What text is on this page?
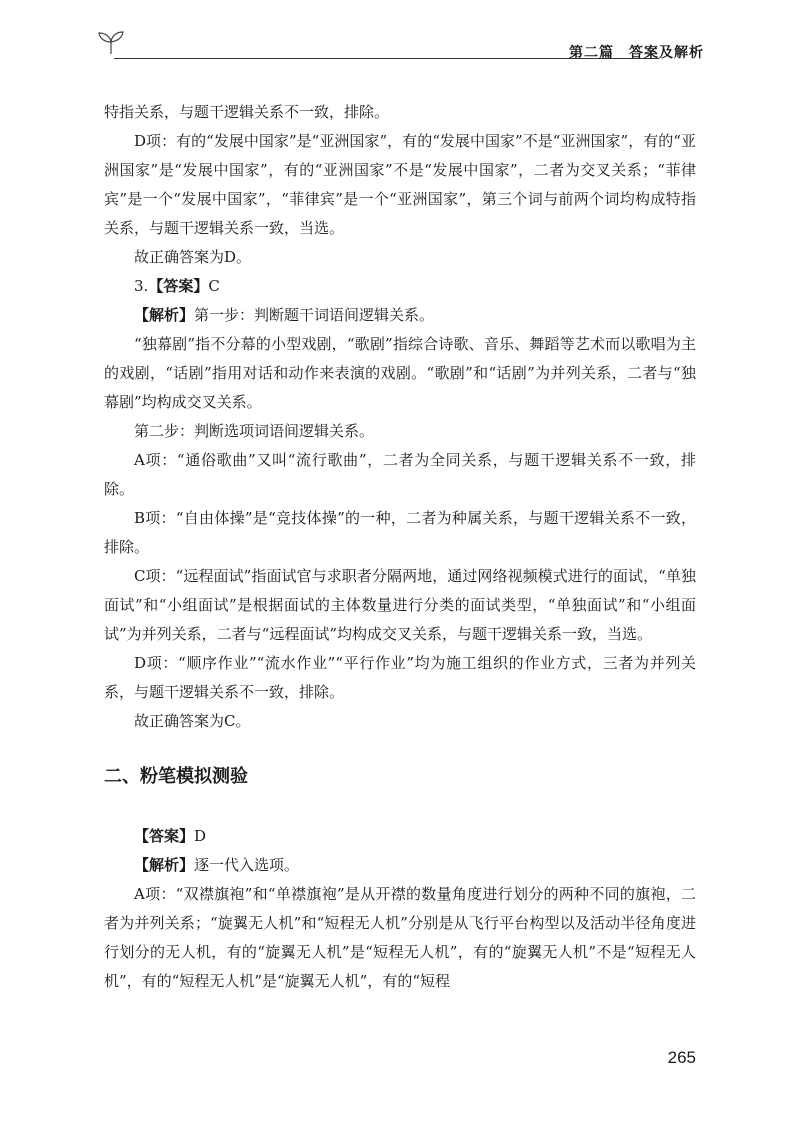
第二篇　答案及解析

特指关系，与题干逻辑关系不一致，排除。

D项：有的“发展中国家”是“亚洲国家”，有的“发展中国家”不是“亚洲国家”，有的“亚洲国家”是“发展中国家”，有的“亚洲国家”不是“发展中国家”，二者为交叉关系；“菲律宾”是一个“发展中国家”，“菲律宾”是一个“亚洲国家”，第三个词与前两个词均构成特指关系，与题干逻辑关系一致，当选。

故正确答案为D。

3.【答案】C

【解析】第一步：判断题干词语间逻辑关系。

“独幕剧”指不分幕的小型戏剧，“歌剧”指综合诗歌、音乐、舞蹈等艺术而以歌唱为主的戏剧，“话剧”指用对话和动作来表演的戏剧。“歌剧”和“话剧”为并列关系，二者与“独幕剧”均构成交叉关系。

第二步：判断选项词语间逻辑关系。

A项：“通俗歌曲”又叫“流行歌曲”，二者为全同关系，与题干逻辑关系不一致，排除。

B项：“自由体操”是“竞技体操”的一种，二者为种属关系，与题干逻辑关系不一致，排除。

C项：“远程面试”指面试官与求职者分隔两地，通过网络视频模式进行的面试，“单独面试”和“小组面试”是根据面试的主体数量进行分类的面试类型，“单独面试”和“小组面试”为并列关系，二者与“远程面试”均构成交叉关系，与题干逻辑关系一致，当选。

D项：“顺序作业”“流水作业”“平行作业”均为施工组织的作业方式，三者为并列关系，与题干逻辑关系不一致，排除。

故正确答案为C。

二、粉笔模拟测验

【答案】D

【解析】逐一代入选项。

A项：“双襟旗袍”和“单襟旗袍”是从开襟的数量角度进行划分的两种不同的旗袍，二者为并列关系；“旋翼无人机”和“短程无人机”分别是从飞行平台构型以及活动半径角度进行划分的无人机，有的“旋翼无人机”是“短程无人机”，有的“旋翼无人机”不是“短程无人机”，有的“短程无人机”是“旋翼无人机”，有的“短程

265
